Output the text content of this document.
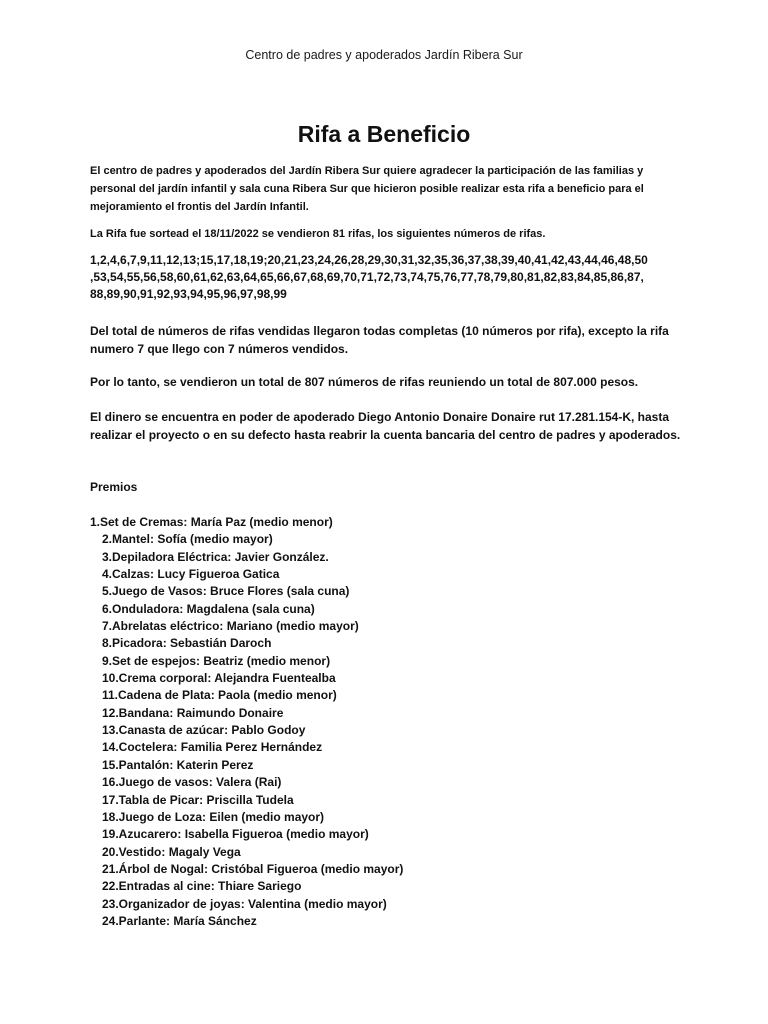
Centro de padres y apoderados Jardín Ribera Sur
Rifa a Beneficio
El centro de padres y apoderados del Jardín Ribera Sur quiere agradecer la participación de las familias y personal del jardín infantil y sala cuna Ribera Sur que hicieron posible realizar esta rifa a beneficio para el mejoramiento el frontis del Jardín Infantil.
La Rifa fue sortead el 18/11/2022 se vendieron 81 rifas, los siguientes números de rifas.
1,2,4,6,7,9,11,12,13;15,17,18,19;20,21,23,24,26,28,29,30,31,32,35,36,37,38,39,40,41,42,43,44,46,48,50
,53,54,55,56,58,60,61,62,63,64,65,66,67,68,69,70,71,72,73,74,75,76,77,78,79,80,81,82,83,84,85,86,87,
88,89,90,91,92,93,94,95,96,97,98,99
Del total de números de rifas vendidas llegaron todas completas (10 números por rifa), excepto la rifa numero 7 que llego con 7 números vendidos.
Por lo tanto, se vendieron un total de 807 números de rifas reuniendo un total de 807.000 pesos.
El dinero se encuentra en poder de apoderado Diego Antonio Donaire Donaire rut 17.281.154-K, hasta realizar el proyecto o en su defecto hasta reabrir la cuenta bancaria del centro de padres y apoderados.
Premios
1.Set de Cremas: María Paz (medio menor)
2.Mantel: Sofía (medio mayor)
3.Depiladora Eléctrica: Javier González.
4.Calzas: Lucy Figueroa Gatica
5.Juego de Vasos: Bruce Flores (sala cuna)
6.Onduladora: Magdalena (sala cuna)
7.Abrelatas eléctrico: Mariano (medio mayor)
8.Picadora: Sebastián Daroch
9.Set de espejos: Beatriz (medio menor)
10.Crema corporal: Alejandra Fuentealba
11.Cadena de Plata: Paola (medio menor)
12.Bandana: Raimundo Donaire
13.Canasta de azúcar: Pablo Godoy
14.Coctelera: Familia Perez Hernández
15.Pantalón: Katerin Perez
16.Juego de vasos: Valera (Rai)
17.Tabla de Picar: Priscilla Tudela
18.Juego de Loza: Eilen (medio mayor)
19.Azucarero: Isabella Figueroa (medio mayor)
20.Vestido: Magaly Vega
21.Árbol de Nogal: Cristóbal Figueroa (medio mayor)
22.Entradas al cine: Thiare Sariego
23.Organizador de joyas: Valentina (medio mayor)
24.Parlante: María Sánchez
